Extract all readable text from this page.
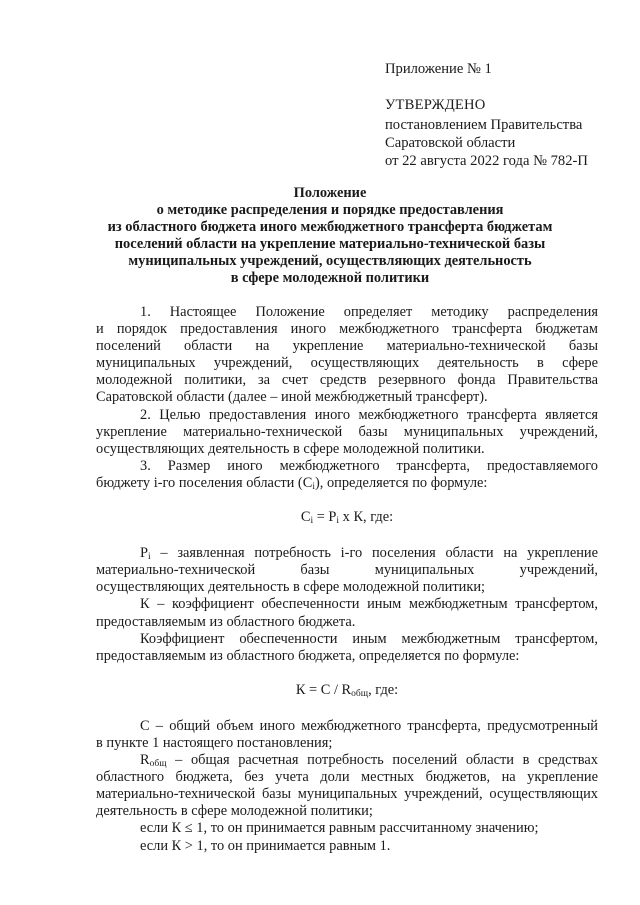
Приложение № 1
УТВЕРЖДЕНО
постановлением Правительства
Саратовской области
от 22 августа 2022 года № 782-П
Положение
о методике распределения и порядке предоставления
из областного бюджета иного межбюджетного трансферта бюджетам
поселений области на укрепление материально-технической базы
муниципальных учреждений, осуществляющих деятельность
в сфере молодежной политики
1. Настоящее Положение определяет методику распределения
и порядок предоставления иного межбюджетного трансферта бюджетам
поселений области на укрепление материально-технической базы
муниципальных учреждений, осуществляющих деятельность в сфере
молодежной политики, за счет средств резервного фонда Правительства
Саратовской области (далее – иной межбюджетный трансферт).
2. Целью предоставления иного межбюджетного трансферта является
укрепление материально-технической базы муниципальных учреждений,
осуществляющих деятельность в сфере молодежной политики.
3. Размер иного межбюджетного трансферта, предоставляемого
бюджету i-го поселения области $(С_i)$, определяется по формуле:
$С_i = Р_i$ х К, где:
$Р_i$ – заявленная потребность i-го поселения области на укрепление
материально-технической базы муниципальных учреждений,
осуществляющих деятельность в сфере молодежной политики;
К – коэффициент обеспеченности иным межбюджетным трансфертом,
предоставляемым из областного бюджета.
Коэффициент обеспеченности иным межбюджетным трансфертом,
предоставляемым из областного бюджета, определяется по формуле:
$К = С / R_{общ}$, где:
С – общий объем иного межбюджетного трансферта, предусмотренный
в пункте 1 настоящего постановления;
$R_{общ}$ – общая расчетная потребность поселений области в средствах
областного бюджета, без учета доли местных бюджетов, на укрепление
материально-технической базы муниципальных учреждений, осуществляющих
деятельность в сфере молодежной политики;
если К ≤ 1, то он принимается равным рассчитанному значению;
если К > 1, то он принимается равным 1.
